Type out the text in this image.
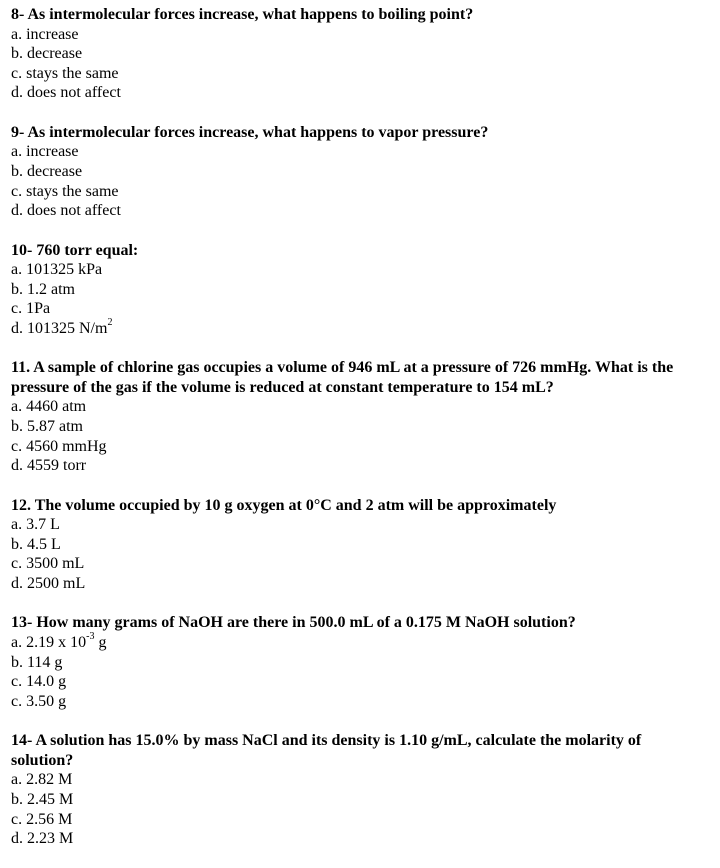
8- As intermolecular forces increase, what happens to boiling point?
a. increase
b. decrease
c. stays the same
d. does not affect
9- As intermolecular forces increase, what happens to vapor pressure?
a. increase
b. decrease
c. stays the same
d. does not affect
10- 760 torr equal:
a. 101325 kPa
b. 1.2 atm
c. 1Pa
d. 101325 $N/m^2$
11. A sample of chlorine gas occupies a volume of 946 mL at a pressure of 726 mmHg. What is the pressure of the gas if the volume is reduced at constant temperature to 154 mL?
a. 4460 atm
b. 5.87 atm
c. 4560 mmHg
d. 4559 torr
12. The volume occupied by 10 g oxygen at 0°C and 2 atm will be approximately
a. 3.7 L
b. 4.5 L
c. 3500 mL
d. 2500 mL
13- How many grams of NaOH are there in 500.0 mL of a 0.175 M NaOH solution?
a. 2.19 x $10^{-3}$ g
b. 114 g
c. 14.0 g
c. 3.50 g
14- A solution has 15.0% by mass NaCl and its density is 1.10 g/mL, calculate the molarity of solution?
a. 2.82 M
b. 2.45 M
c. 2.56 M
d. 2.23 M
